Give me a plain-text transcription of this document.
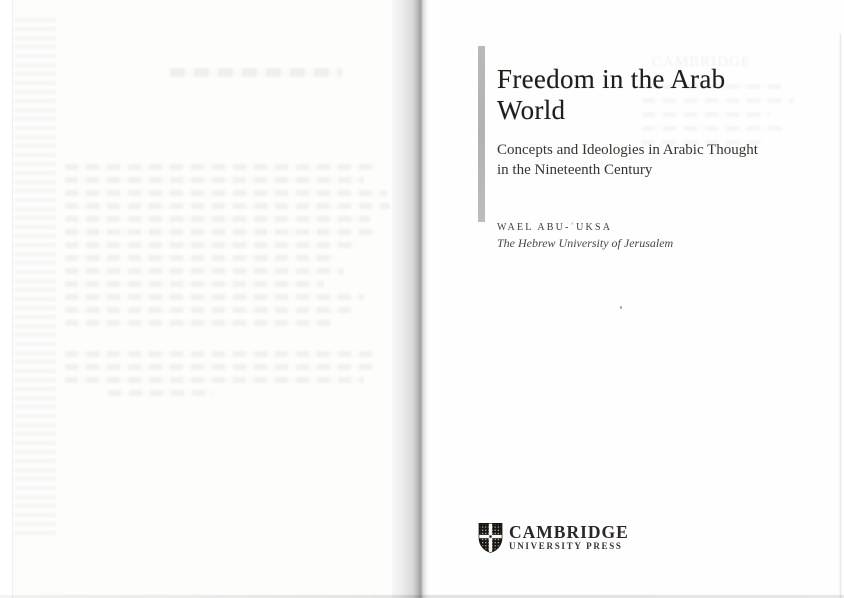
Freedom in the Arab
World
Concepts and Ideologies in Arabic Thought
in the Nineteenth Century
WAEL ABU-ʿUKSA
The Hebrew University of Jerusalem
CAMBRIDGE
CAMBRIDGE
UNIVERSITY PRESS
